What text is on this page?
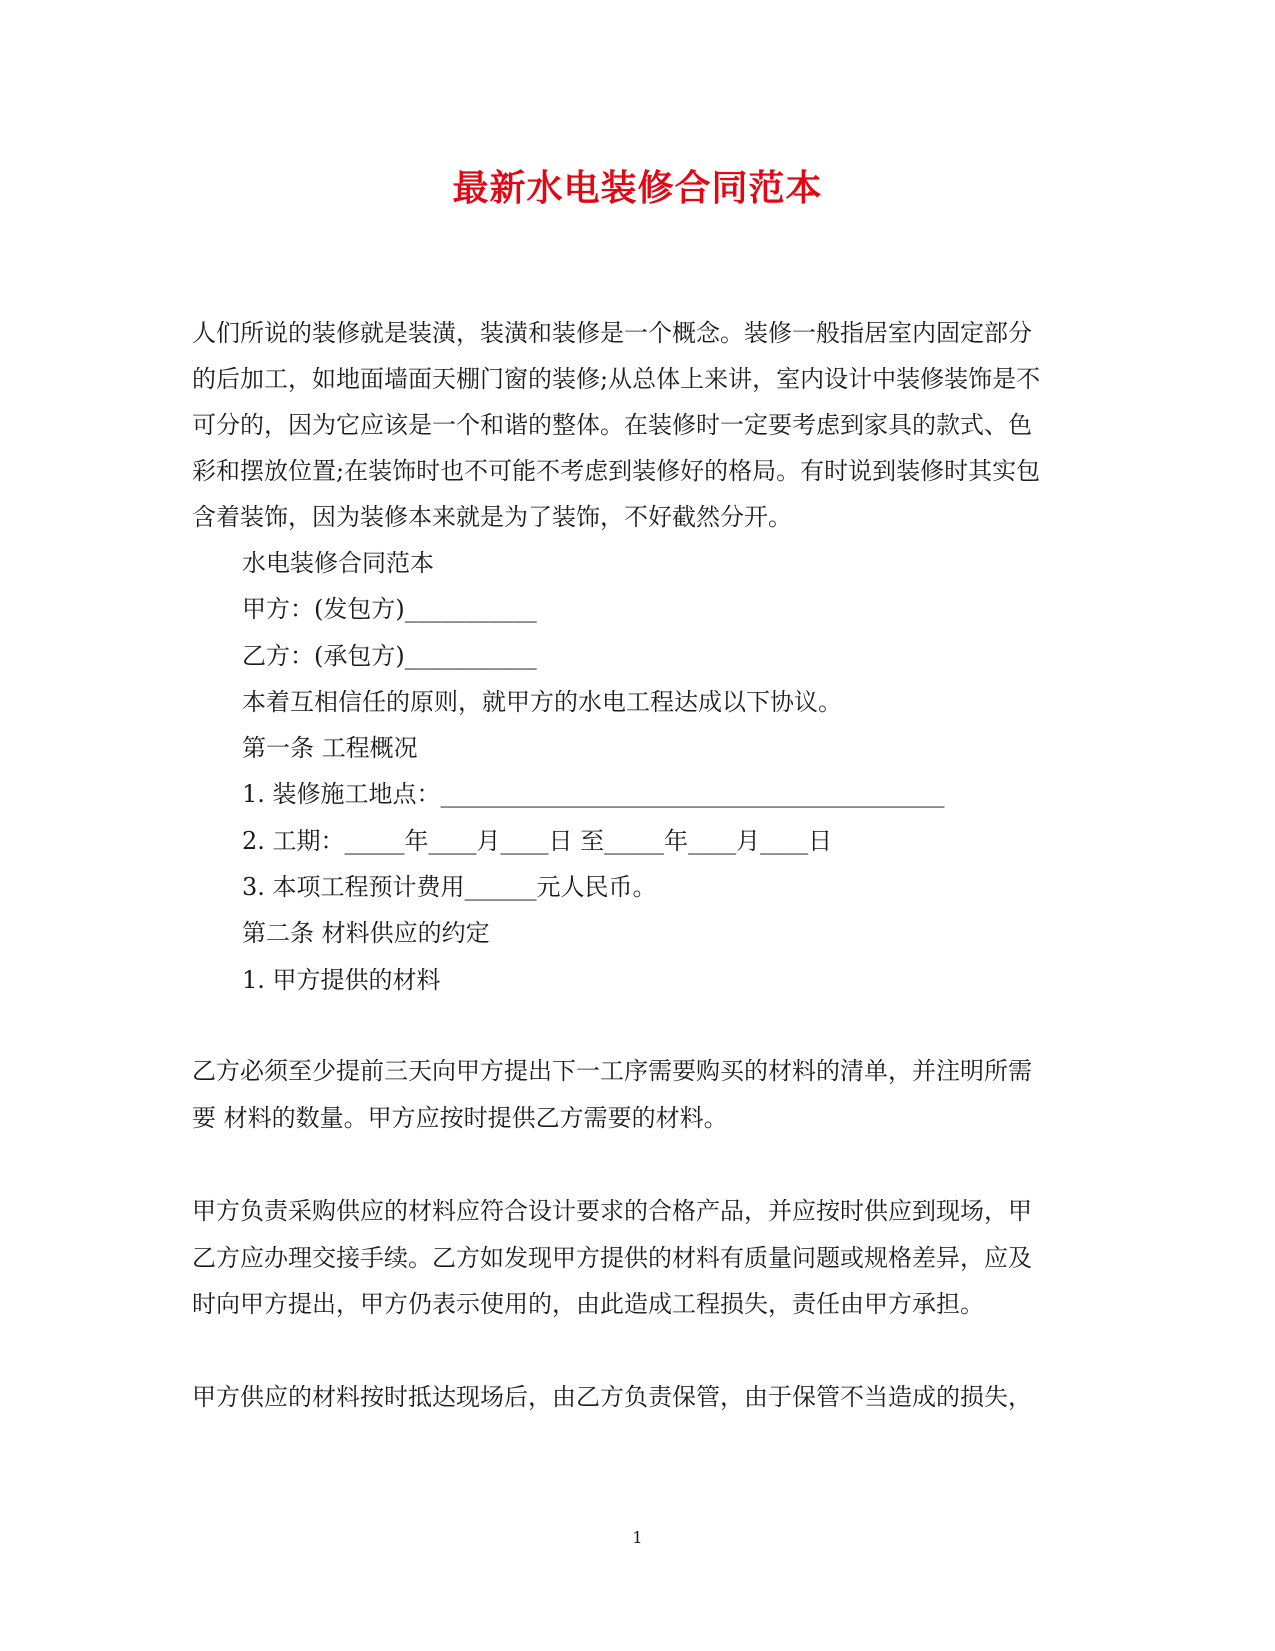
最新水电装修合同范本
人们所说的装修就是装潢，装潢和装修是一个概念。装修一般指居室内固定部分
的后加工，如地面墙面天棚门窗的装修;从总体上来讲，室内设计中装修装饰是不
可分的，因为它应该是一个和谐的整体。在装修时一定要考虑到家具的款式、色
彩和摆放位置;在装饰时也不可能不考虑到装修好的格局。有时说到装修时其实包
含着装饰，因为装修本来就是为了装饰，不好截然分开。
水电装修合同范本
甲方：(发包方)___________
乙方：(承包方)___________
本着互相信任的原则，就甲方的水电工程达成以下协议。
第一条 工程概况
1. 装修施工地点：__________________________________________
2. 工期：_____年____月____日 至_____年____月____日
3. 本项工程预计费用______元人民币。
第二条 材料供应的约定
1. 甲方提供的材料
乙方必须至少提前三天向甲方提出下一工序需要购买的材料的清单，并注明所需
要 材料的数量。甲方应按时提供乙方需要的材料。
甲方负责采购供应的材料应符合设计要求的合格产品，并应按时供应到现场，甲
乙方应办理交接手续。乙方如发现甲方提供的材料有质量问题或规格差异，应及
时向甲方提出，甲方仍表示使用的，由此造成工程损失，责任由甲方承担。
甲方供应的材料按时抵达现场后，由乙方负责保管，由于保管不当造成的损失，
1
